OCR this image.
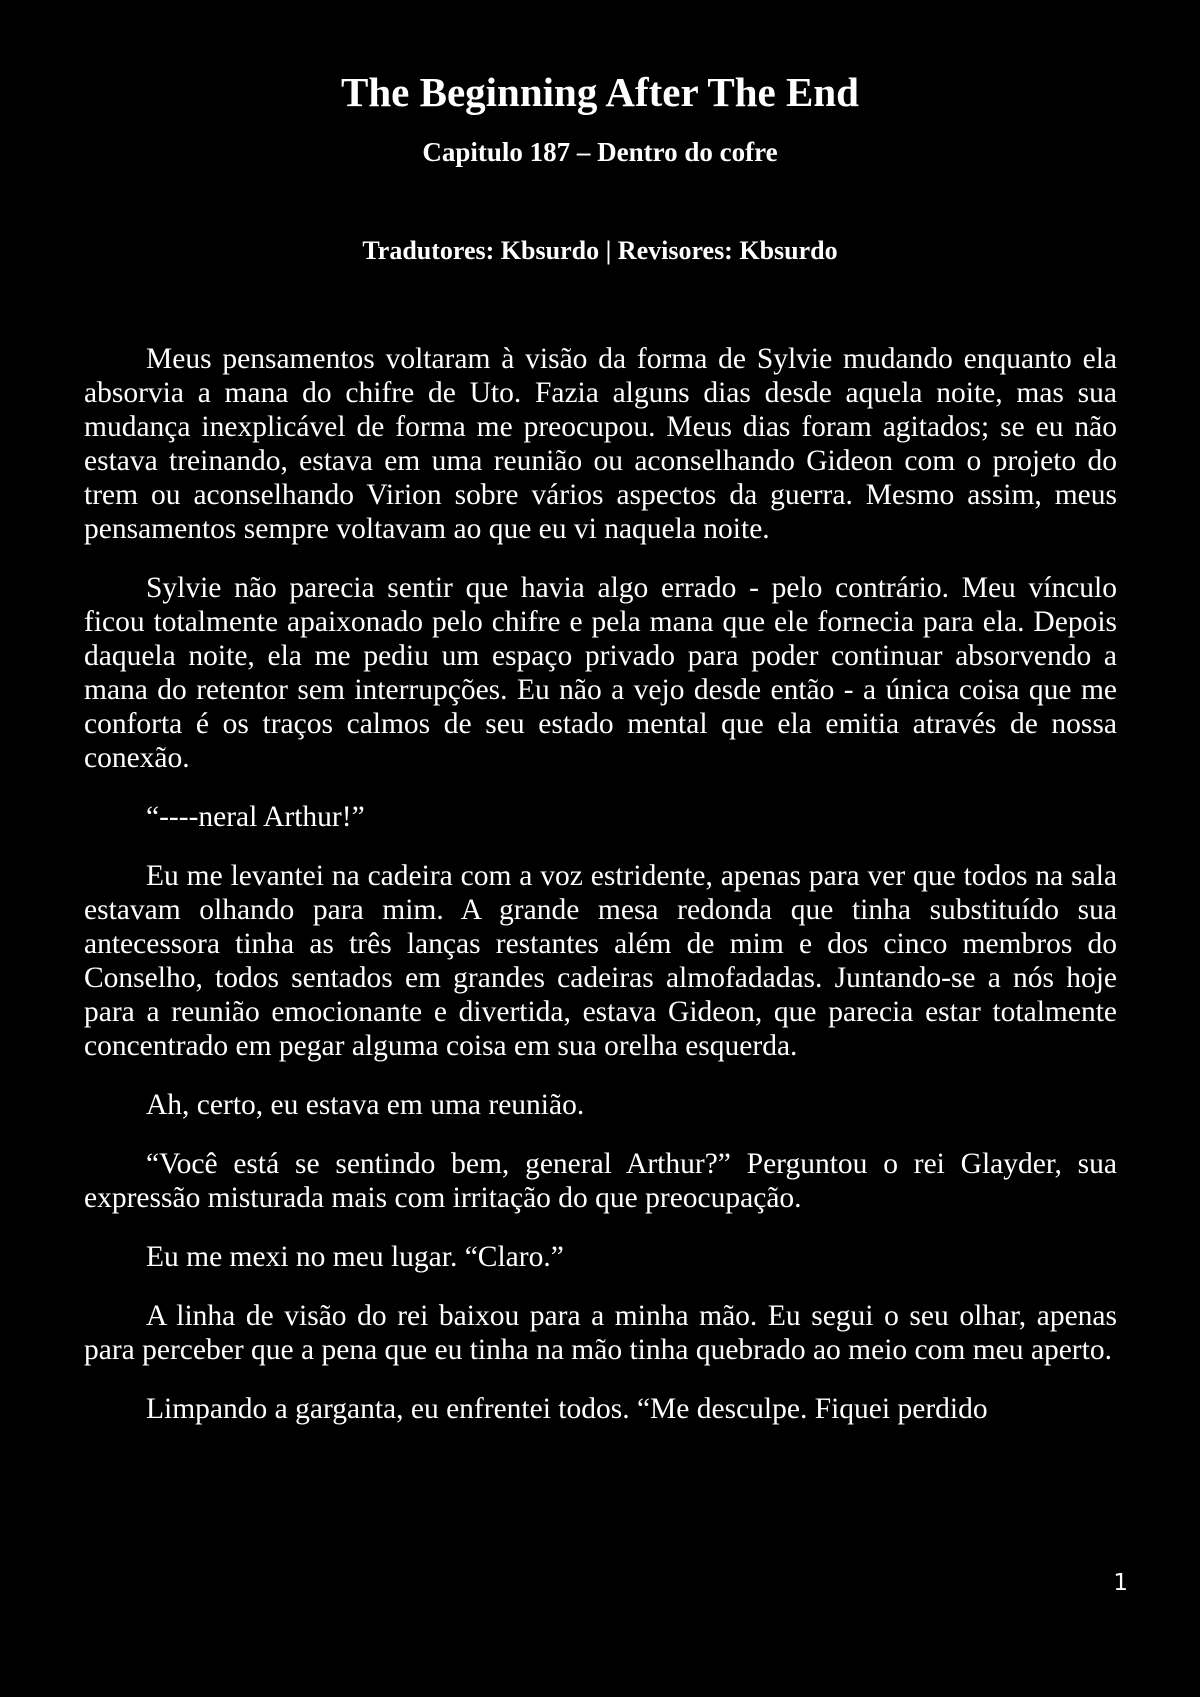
The Beginning After The End
Capitulo 187 – Dentro do cofre
Tradutores: Kbsurdo | Revisores: Kbsurdo

Meus pensamentos voltaram à visão da forma de Sylvie mudando enquanto ela absorvia a mana do chifre de Uto. Fazia alguns dias desde aquela noite, mas sua mudança inexplicável de forma me preocupou. Meus dias foram agitados; se eu não estava treinando, estava em uma reunião ou aconselhando Gideon com o projeto do trem ou aconselhando Virion sobre vários aspectos da guerra. Mesmo assim, meus pensamentos sempre voltavam ao que eu vi naquela noite.

Sylvie não parecia sentir que havia algo errado - pelo contrário. Meu vínculo ficou totalmente apaixonado pelo chifre e pela mana que ele fornecia para ela. Depois daquela noite, ela me pediu um espaço privado para poder continuar absorvendo a mana do retentor sem interrupções. Eu não a vejo desde então - a única coisa que me conforta é os traços calmos de seu estado mental que ela emitia através de nossa conexão.

“----neral Arthur!”

Eu me levantei na cadeira com a voz estridente, apenas para ver que todos na sala estavam olhando para mim. A grande mesa redonda que tinha substituído sua antecessora tinha as três lanças restantes além de mim e dos cinco membros do Conselho, todos sentados em grandes cadeiras almofadadas. Juntando-se a nós hoje para a reunião emocionante e divertida, estava Gideon, que parecia estar totalmente concentrado em pegar alguma coisa em sua orelha esquerda.

Ah, certo, eu estava em uma reunião.

“Você está se sentindo bem, general Arthur?” Perguntou o rei Glayder, sua expressão misturada mais com irritação do que preocupação.

Eu me mexi no meu lugar. “Claro.”

A linha de visão do rei baixou para a minha mão. Eu segui o seu olhar, apenas para perceber que a pena que eu tinha na mão tinha quebrado ao meio com meu aperto.

Limpando a garganta, eu enfrentei todos. “Me desculpe. Fiquei perdido

1
